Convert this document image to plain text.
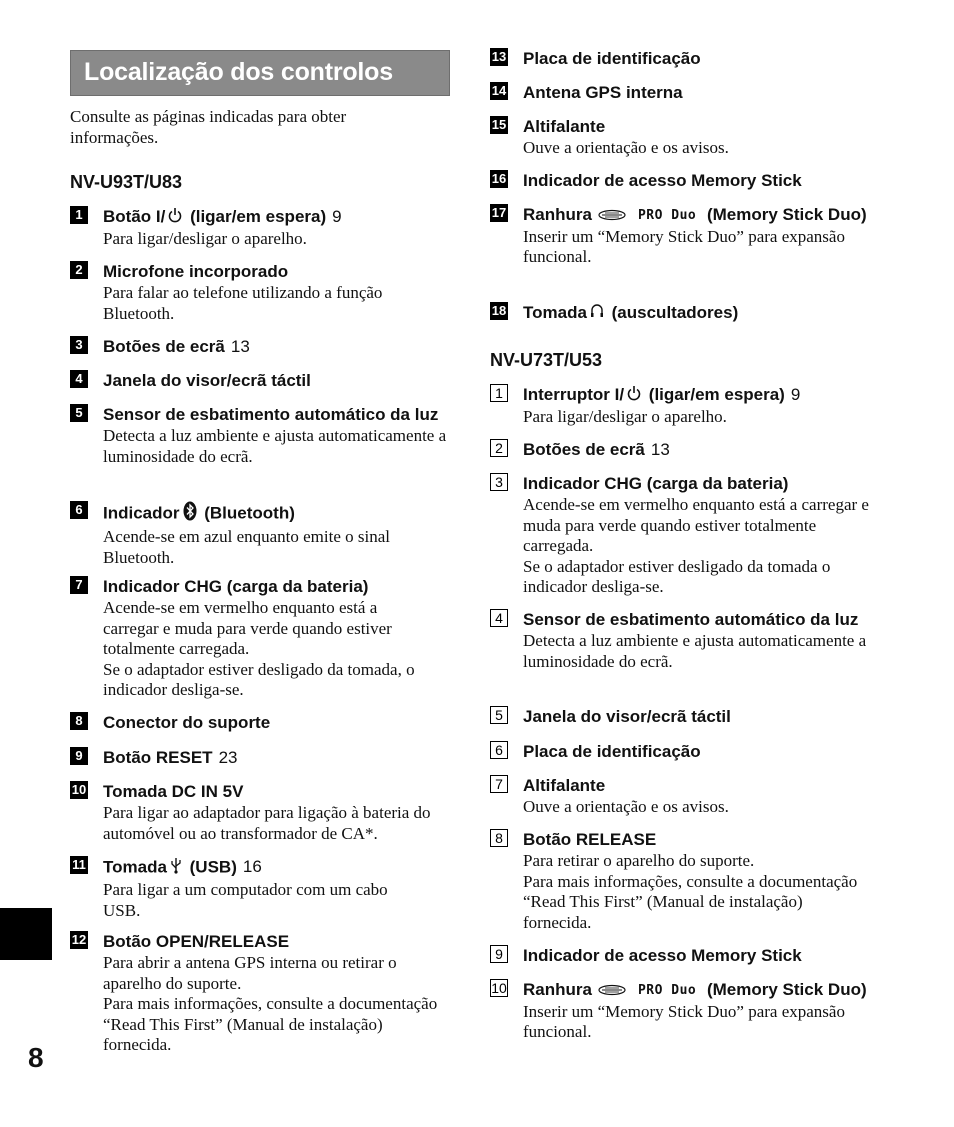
Localização dos controlos
Consulte as páginas indicadas para obter informações.
NV-U93T/U83
1	Botão I/ (ligar/em espera) 9
Para ligar/desligar o aparelho.
2	Microfone incorporado
Para falar ao telefone utilizando a função Bluetooth.
3	Botões de ecrã 13
4	Janela do visor/ecrã táctil
5	Sensor de esbatimento automático da luz
Detecta a luz ambiente e ajusta automaticamente a luminosidade do ecrã.
6	Indicador (Bluetooth)
Acende-se em azul enquanto emite o sinal Bluetooth.
7	Indicador CHG (carga da bateria)
Acende-se em vermelho enquanto está a carregar e muda para verde quando estiver totalmente carregada.
Se o adaptador estiver desligado da tomada, o indicador desliga-se.
8	Conector do suporte
9	Botão RESET 23
10 Tomada DC IN 5V
Para ligar ao adaptador para ligação à bateria do automóvel ou ao transformador de CA*.
11 Tomada (USB) 16
Para ligar a um computador com um cabo USB.
12 Botão OPEN/RELEASE
Para abrir a antena GPS interna ou retirar o aparelho do suporte.
Para mais informações, consulte a documentação “Read This First” (Manual de instalação) fornecida.
13 Placa de identificação
14 Antena GPS interna
15 Altifalante
Ouve a orientação e os avisos.
16 Indicador de acesso Memory Stick
17 Ranhura	PRO Duo (Memory Stick Duo)
Inserir um “Memory Stick Duo” para expansão funcional.
18 Tomada (auscultadores)
NV-U73T/U53
1	Interruptor I/ (ligar/em espera) 9
Para ligar/desligar o aparelho.
2	Botões de ecrã 13
3	Indicador CHG (carga da bateria)
Acende-se em vermelho enquanto está a carregar e muda para verde quando estiver totalmente carregada.
Se o adaptador estiver desligado da tomada o indicador desliga-se.
4	Sensor de esbatimento automático da luz
Detecta a luz ambiente e ajusta automaticamente a luminosidade do ecrã.
5	Janela do visor/ecrã táctil
6	Placa de identificação
7	Altifalante
Ouve a orientação e os avisos.
8	Botão RELEASE
Para retirar o aparelho do suporte.
Para mais informações, consulte a documentação “Read This First” (Manual de instalação) fornecida.
9	Indicador de acesso Memory Stick
10 Ranhura	PRO Duo (Memory Stick Duo)
Inserir um “Memory Stick Duo” para expansão funcional.
8
